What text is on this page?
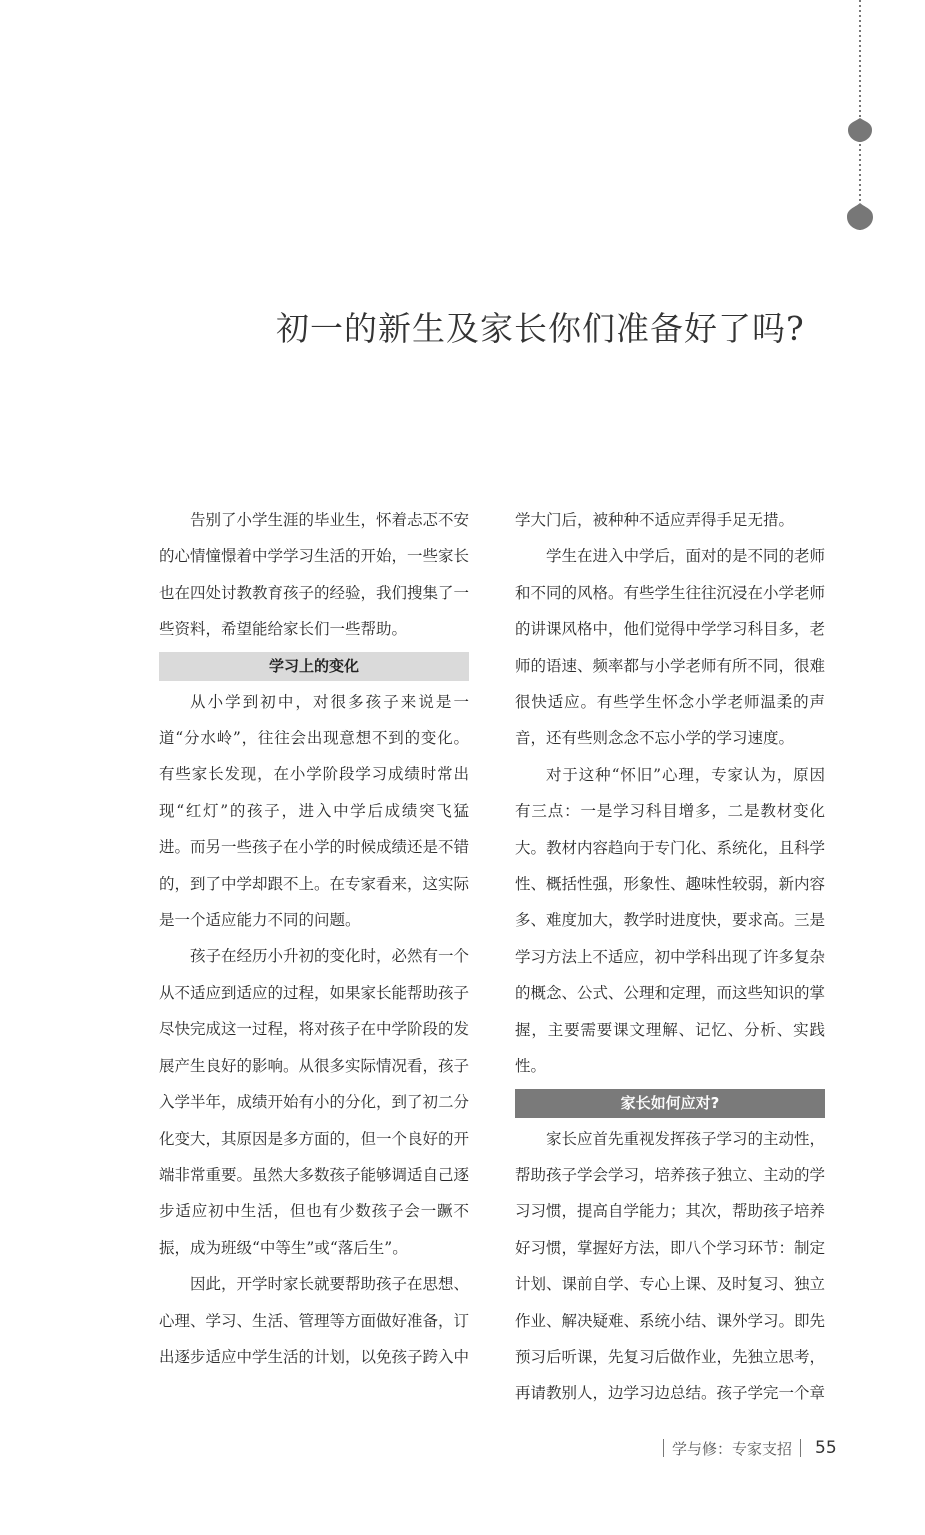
初一的新生及家长你们准备好了吗?

告别了小学生涯的毕业生，怀着忐忑不安的心情憧憬着中学学习生活的开始，一些家长也在四处讨教教育孩子的经验，我们搜集了一些资料，希望能给家长们一些帮助。

学习上的变化

从小学到初中，对很多孩子来说是一道“分水岭”，往往会出现意想不到的变化。有些家长发现，在小学阶段学习成绩时常出现“红灯”的孩子，进入中学后成绩突飞猛进。而另一些孩子在小学的时候成绩还是不错的，到了中学却跟不上。在专家看来，这实际是一个适应能力不同的问题。

孩子在经历小升初的变化时，必然有一个从不适应到适应的过程，如果家长能帮助孩子尽快完成这一过程，将对孩子在中学阶段的发展产生良好的影响。从很多实际情况看，孩子入学半年，成绩开始有小的分化，到了初二分化变大，其原因是多方面的，但一个良好的开端非常重要。虽然大多数孩子能够调适自己逐步适应初中生活，但也有少数孩子会一蹶不振，成为班级“中等生”或“落后生”。

因此，开学时家长就要帮助孩子在思想、心理、学习、生活、管理等方面做好准备，订出逐步适应中学生活的计划，以免孩子跨入中

学大门后，被种种不适应弄得手足无措。

学生在进入中学后，面对的是不同的老师和不同的风格。有些学生往往沉浸在小学老师的讲课风格中，他们觉得中学学习科目多，老师的语速、频率都与小学老师有所不同，很难很快适应。有些学生怀念小学老师温柔的声音，还有些则念念不忘小学的学习速度。

对于这种“怀旧”心理，专家认为，原因有三点：一是学习科目增多，二是教材变化大。教材内容趋向于专门化、系统化，且科学性、概括性强，形象性、趣味性较弱，新内容多、难度加大，教学时进度快，要求高。三是学习方法上不适应，初中学科出现了许多复杂的概念、公式、公理和定理，而这些知识的掌握，主要需要课文理解、记忆、分析、实践性。

家长如何应对?

家长应首先重视发挥孩子学习的主动性，帮助孩子学会学习，培养孩子独立、主动的学习习惯，提高自学能力；其次，帮助孩子培养好习惯，掌握好方法，即八个学习环节：制定计划、课前自学、专心上课、及时复习、独立作业、解决疑难、系统小结、课外学习。即先预习后听课，先复习后做作业，先独立思考，再请教别人，边学习边总结。孩子学完一个章

学与修：专家支招 55
